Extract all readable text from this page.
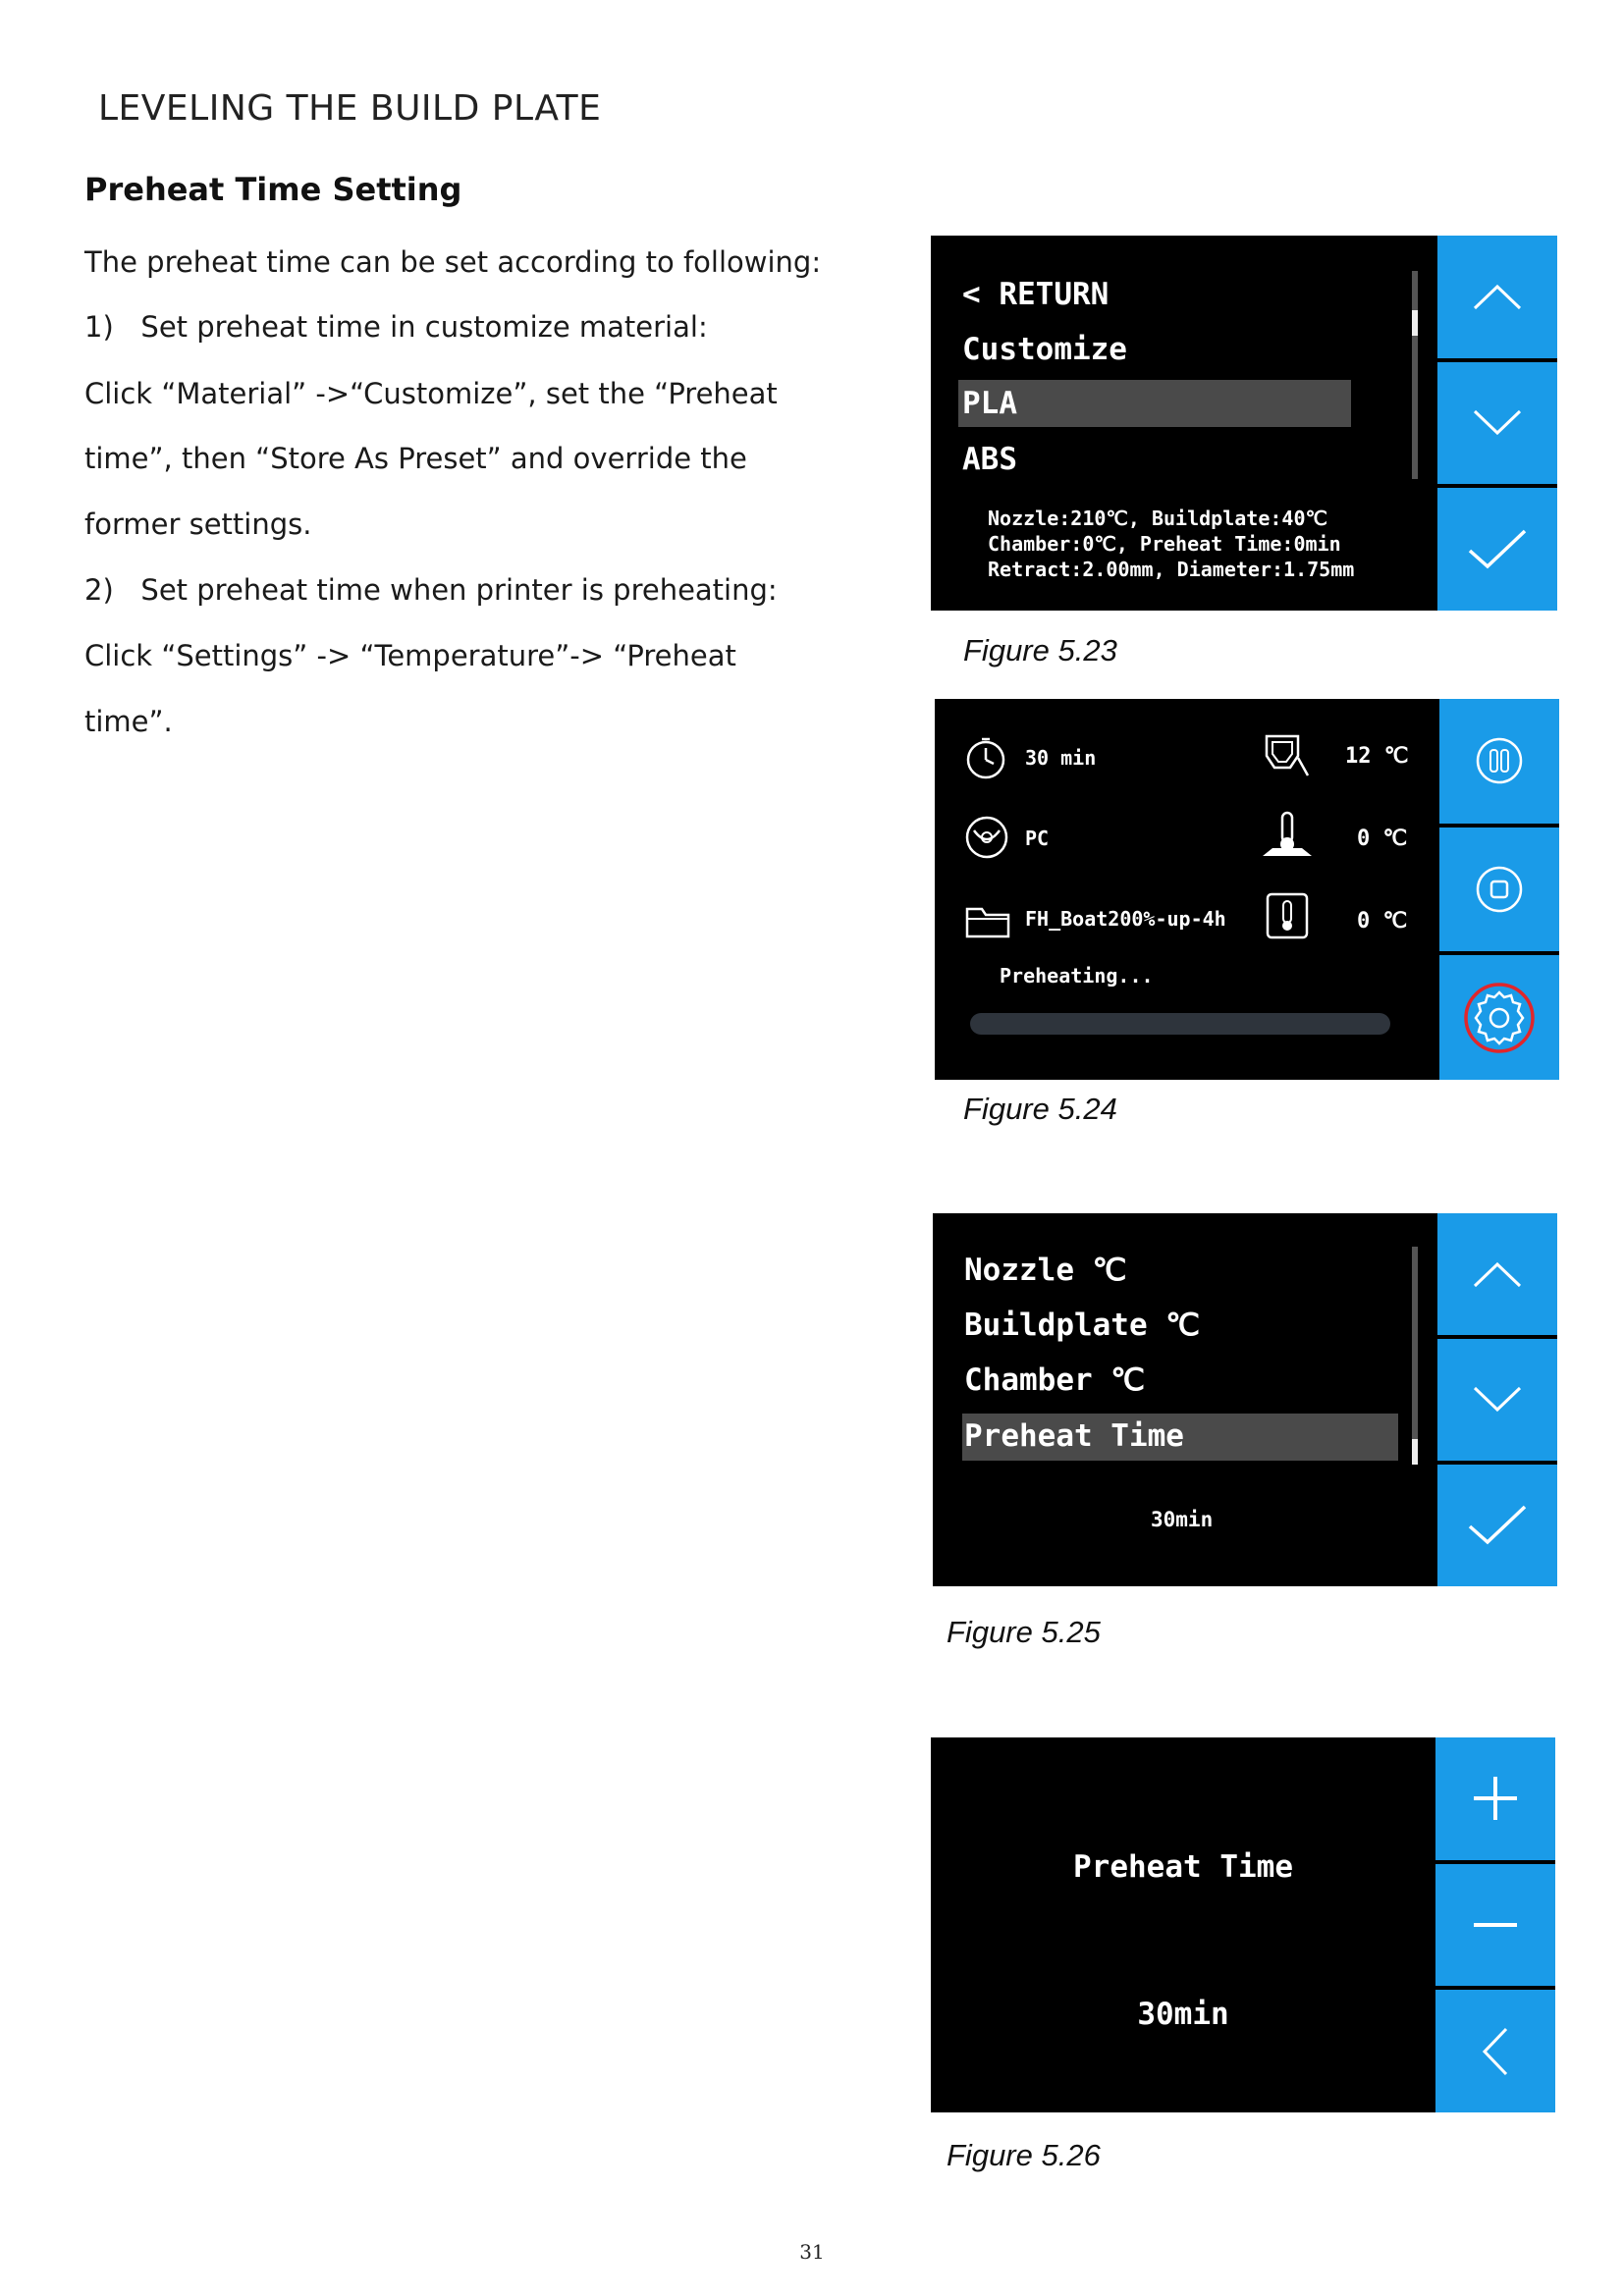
LEVELING THE BUILD PLATE
Preheat Time Setting
The preheat time can be set according to following:
1)   Set preheat time in customize material:
Click “Material” ->“Customize”, set the “Preheat
time”, then “Store As Preset” and override the
former settings.
2)   Set preheat time when printer is preheating:
Click “Settings” -> “Temperature”-> “Preheat
time”.
< RETURN
Customize
PLA
ABS
Nozzle:210℃, Buildplate:40℃
Chamber:0℃, Preheat Time:0min
Retract:2.00mm, Diameter:1.75mm
Figure 5.23
30 min
PC
FH_Boat200%-up-4h
Preheating...
12 ℃
0 ℃
0 ℃
Figure 5.24
Nozzle ℃
Buildplate ℃
Chamber ℃
Preheat Time
30min
Figure 5.25
Preheat Time
30min
Figure 5.26
31
